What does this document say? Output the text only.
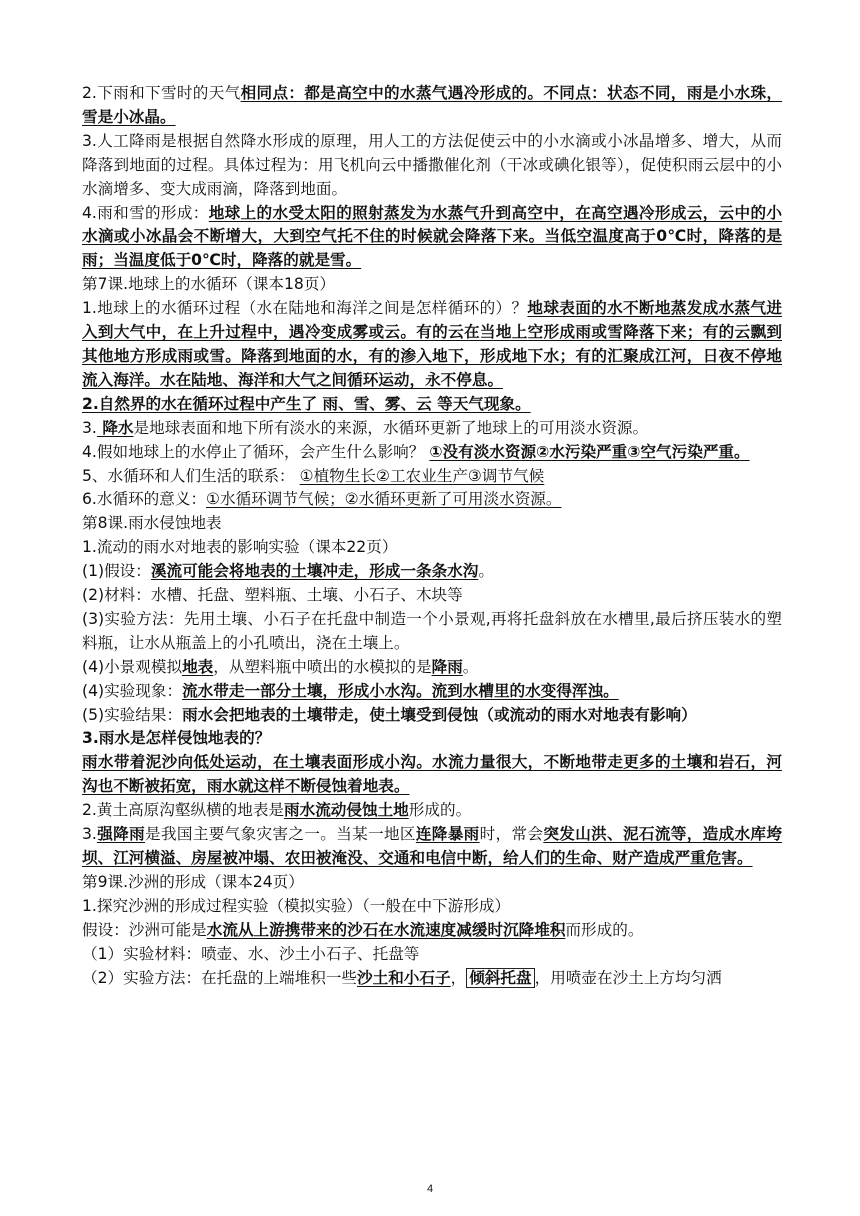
2.下雨和下雪时的天气相同点：都是高空中的水蒸气遇冷形成的。不同点：状态不同，雨是小水珠，雪是小冰晶。

3.人工降雨是根据自然降水形成的原理，用人工的方法促使云中的小水滴或小冰晶增多、增大，从而降落到地面的过程。具体过程为：用飞机向云中播撒催化剂（干冰或碘化银等），促使积雨云层中的小水滴增多、变大成雨滴，降落到地面。

4.雨和雪的形成：地球上的水受太阳的照射蒸发为水蒸气升到高空中，在高空遇冷形成云，云中的小水滴或小冰晶会不断增大，大到空气托不住的时候就会降落下来。当低空温度高于0℃时，降落的是雨；当温度低于0℃时，降落的就是雪。

第7课.地球上的水循环（课本18页）

1.地球上的水循环过程（水在陆地和海洋之间是怎样循环的）？地球表面的水不断地蒸发成水蒸气进入到大气中，在上升过程中，遇冷变成雾或云。有的云在当地上空形成雨或雪降落下来；有的云飘到其他地方形成雨或雪。降落到地面的水，有的渗入地下，形成地下水；有的汇聚成江河，日夜不停地流入海洋。水在陆地、海洋和大气之间循环运动，永不停息。

2.自然界的水在循环过程中产生了 雨、雪、雾、云 等天气现象。

3. 降水是地球表面和地下所有淡水的来源，水循环更新了地球上的可用淡水资源。

4.假如地球上的水停止了循环，会产生什么影响？ ①没有淡水资源②水污染严重③空气污染严重。

5、水循环和人们生活的联系： ①植物生长②工农业生产③调节气候

6.水循环的意义：①水循环调节气候；②水循环更新了可用淡水资源。

第8课.雨水侵蚀地表

1.流动的雨水对地表的影响实验（课本22页）

(1)假设：溪流可能会将地表的土壤冲走，形成一条条水沟。

(2)材料：水槽、托盘、塑料瓶、土壤、小石子、木块等

(3)实验方法：先用土壤、小石子在托盘中制造一个小景观,再将托盘斜放在水槽里,最后挤压装水的塑料瓶，让水从瓶盖上的小孔喷出，浇在土壤上。

(4)小景观模拟地表，从塑料瓶中喷出的水模拟的是降雨。

(4)实验现象：流水带走一部分土壤，形成小水沟。流到水槽里的水变得浑浊。

(5)实验结果：雨水会把地表的土壤带走，使土壤受到侵蚀（或流动的雨水对地表有影响）

3.雨水是怎样侵蚀地表的？

雨水带着泥沙向低处运动，在土壤表面形成小沟。水流力量很大，不断地带走更多的土壤和岩石，河沟也不断被拓宽，雨水就这样不断侵蚀着地表。

2.黄土高原沟壑纵横的地表是雨水流动侵蚀土地形成的。

3.强降雨是我国主要气象灾害之一。当某一地区连降暴雨时，常会突发山洪、泥石流等，造成水库垮坝、江河横溢、房屋被冲塌、农田被淹没、交通和电信中断，给人们的生命、财产造成严重危害。

第9课.沙洲的形成（课本24页）

1.探究沙洲的形成过程实验（模拟实验）（一般在中下游形成）

假设：沙洲可能是水流从上游携带来的沙石在水流速度减缓时沉降堆积而形成的。

（1）实验材料：喷壶、水、沙土小石子、托盘等

（2）实验方法：在托盘的上端堆积一些沙土和小石子， 倾斜托盘 ，用喷壶在沙土上方均匀洒

4
